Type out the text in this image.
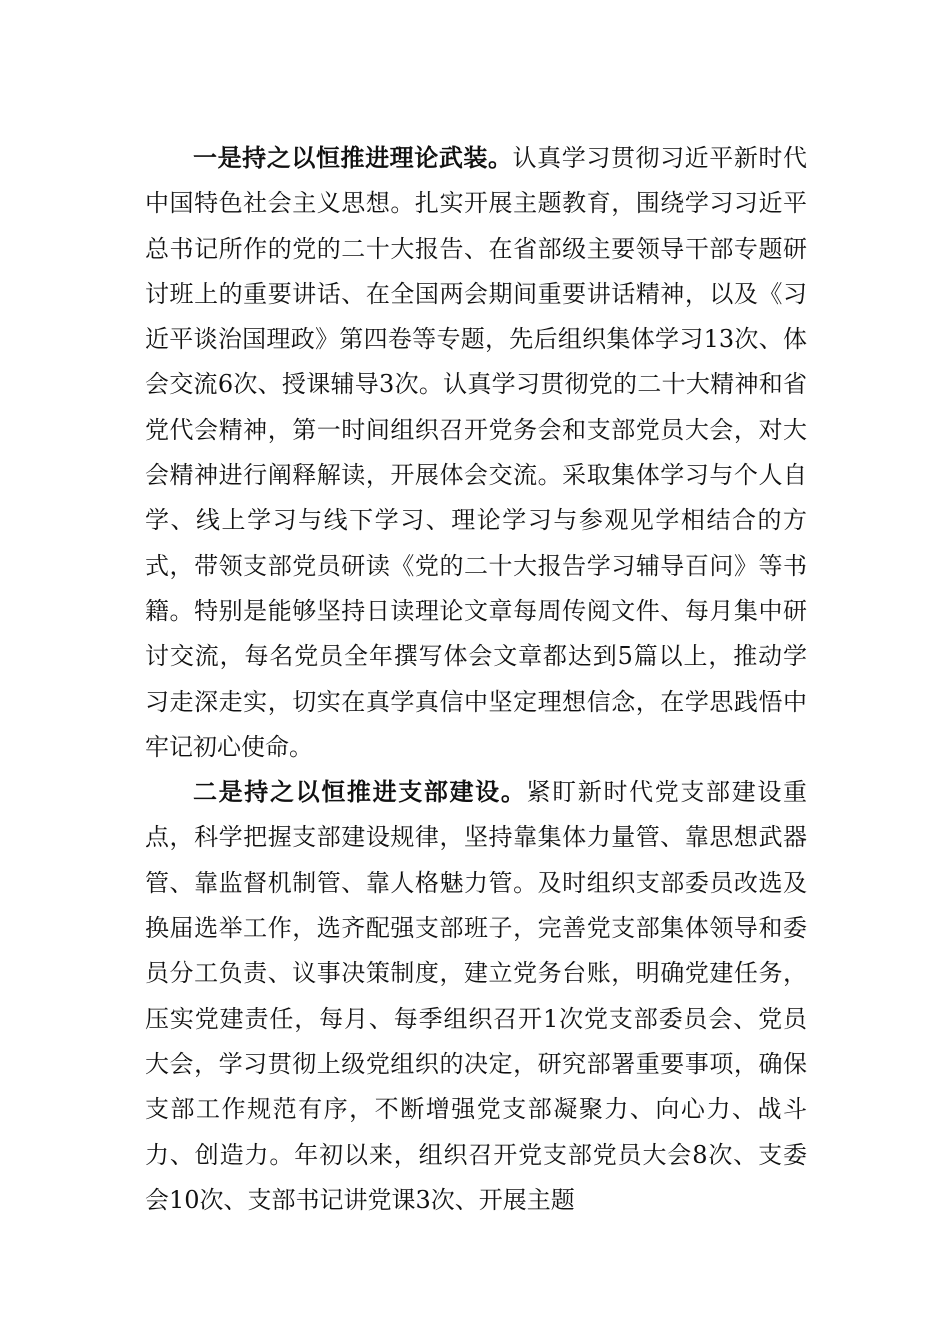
一是持之以恒推进理论武装。认真学习贯彻习近平新时代中国特色社会主义思想。扎实开展主题教育，围绕学习习近平总书记所作的党的二十大报告、在省部级主要领导干部专题研讨班上的重要讲话、在全国两会期间重要讲话精神，以及《习近平谈治国理政》第四卷等专题，先后组织集体学习13次、体会交流6次、授课辅导3次。认真学习贯彻党的二十大精神和省党代会精神，第一时间组织召开党务会和支部党员大会，对大会精神进行阐释解读，开展体会交流。采取集体学习与个人自学、线上学习与线下学习、理论学习与参观见学相结合的方式，带领支部党员研读《党的二十大报告学习辅导百问》等书籍。特别是能够坚持日读理论文章每周传阅文件、每月集中研讨交流，每名党员全年撰写体会文章都达到5篇以上，推动学习走深走实，切实在真学真信中坚定理想信念，在学思践悟中牢记初心使命。

二是持之以恒推进支部建设。紧盯新时代党支部建设重点，科学把握支部建设规律，坚持靠集体力量管、靠思想武器管、靠监督机制管、靠人格魅力管。及时组织支部委员改选及换届选举工作，选齐配强支部班子，完善党支部集体领导和委员分工负责、议事决策制度，建立党务台账，明确党建任务，压实党建责任，每月、每季组织召开1次党支部委员会、党员大会，学习贯彻上级党组织的决定，研究部署重要事项，确保支部工作规范有序，不断增强党支部凝聚力、向心力、战斗力、创造力。年初以来，组织召开党支部党员大会8次、支委会10次、支部书记讲党课3次、开展主题
